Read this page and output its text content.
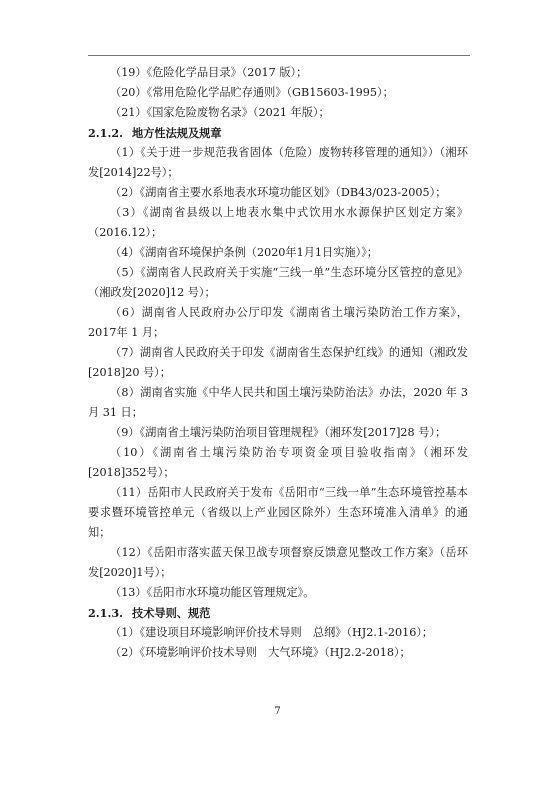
（19）《危险化学品目录》（2017 版）；

（20）《常用危险化学品贮存通则》（GB15603-1995）；

（21）《国家危险废物名录》（2021 年版）；

2.1.2. 地方性法规及规章

（1）《关于进一步规范我省固体（危险）废物转移管理的通知》）（湘环发[2014]22号）；

（2）《湖南省主要水系地表水环境功能区划》（DB43/023-2005）；

（3）《湖南省县级以上地表水集中式饮用水水源保护区划定方案》（2016.12）；

（4）《湖南省环境保护条例（2020年1月1日实施）》；

（5）《湖南省人民政府关于实施“三线一单”生态环境分区管控的意见》（湘政发[2020]12 号）；

（6）湖南省人民政府办公厅印发《湖南省土壤污染防治工作方案》，2017年 1 月；

（7）湖南省人民政府关于印发《湖南省生态保护红线》的通知（湘政发[2018]20 号）；

（8）湖南省实施《中华人民共和国土壤污染防治法》办法，2020 年 3 月 31 日；

（9）《湖南省土壤污染防治项目管理规程》（湘环发[2017]28 号）；

（10）《湖南省土壤污染防治专项资金项目验收指南》（湘环发[2018]352号）；

（11）岳阳市人民政府关于发布《岳阳市“三线一单”生态环境管控基本要求暨环境管控单元（省级以上产业园区除外）生态环境准入清单》的通知；

（12）《岳阳市落实蓝天保卫战专项督察反馈意见整改工作方案》（岳环发[2020]1号）；

（13）《岳阳市水环境功能区管理规定》。

2.1.3. 技术导则、规范

（1）《建设项目环境影响评价技术导则　总纲》（HJ2.1-2016）；

（2）《环境影响评价技术导则　大气环境》（HJ2.2-2018）；

7
